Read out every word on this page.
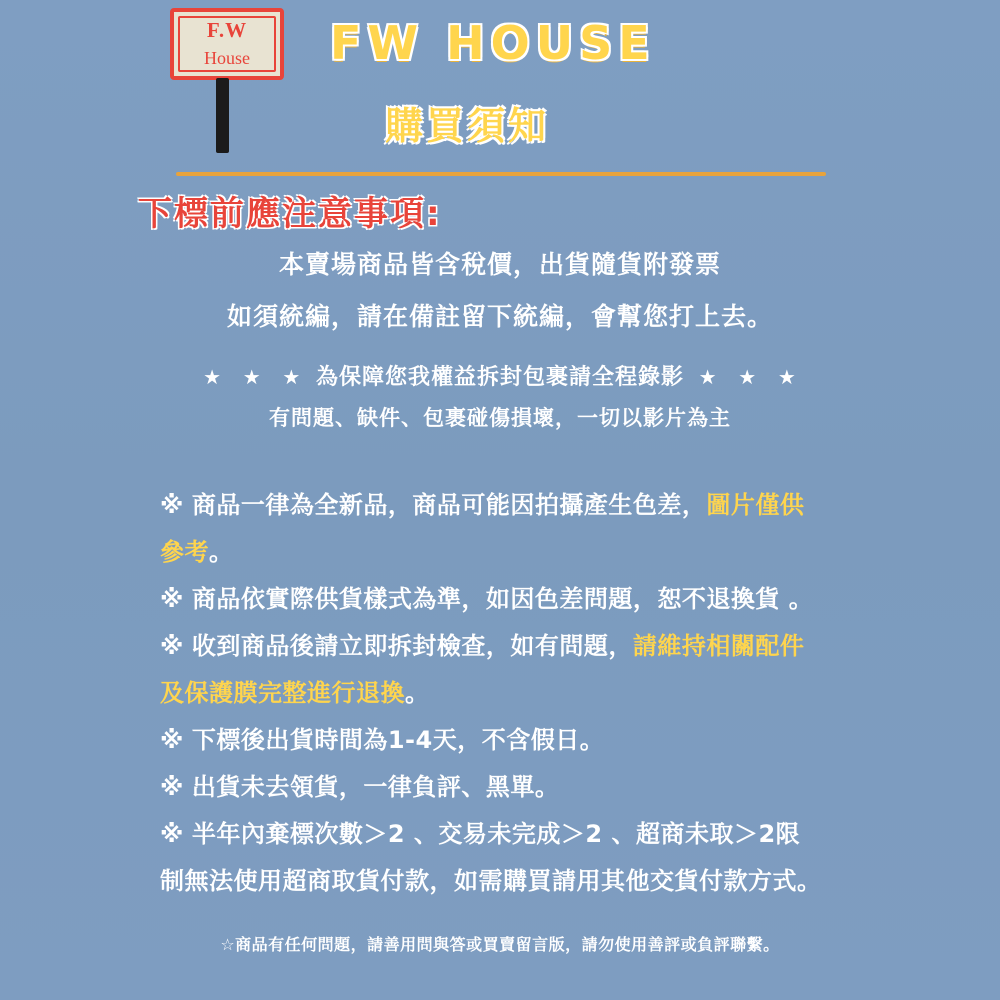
F.W
House	FW HOUSE
購買須知
下標前應注意事項:
本賣場商品皆含稅價，出貨隨貨附發票
如須統編，請在備註留下統編，會幫您打上去。
★ ★ ★ 為保障您我權益拆封包裹請全程錄影 ★ ★ ★
有問題、缺件、包裹碰傷損壞，一切以影片為主
※ 商品一律為全新品，商品可能因拍攝產生色差，圖片僅供
參考。
※ 商品依實際供貨樣式為準，如因色差問題，恕不退換貨 。
※ 收到商品後請立即拆封檢查，如有問題，請維持相關配件
及保護膜完整進行退換。
※ 下標後出貨時間為1-4天，不含假日。
※ 出貨未去領貨，一律負評、黑單。
※ 半年內棄標次數＞2 、交易未完成＞2 、超商未取＞2限
制無法使用超商取貨付款，如需購買請用其他交貨付款方式。
☆商品有任何問題，請善用問與答或買賣留言版，請勿使用善評或負評聯繫。
